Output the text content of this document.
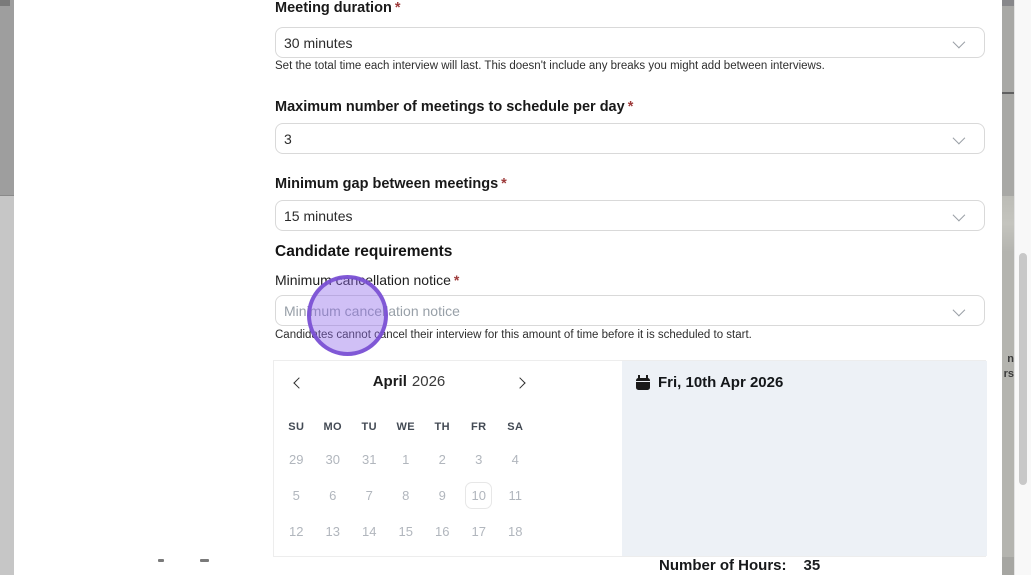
Meeting duration *
30 minutes
Set the total time each interview will last. This doesn't include any breaks you might add between interviews.
Maximum number of meetings to schedule per day *
3
Minimum gap between meetings *
15 minutes
Candidate requirements
Minimum cancellation notice *
Minimum cancellation notice
Candidates cannot cancel their interview for this amount of time before it is scheduled to start.
April 2026
SU	MO	TU	WE	TH	FR	SA
29 30 31 1 2 3 4
5 6 7 8 9	10	11
12 13 14 15 16 17 18
Fri, 10th Apr 2026
Number of Hours: 35
n
rs
